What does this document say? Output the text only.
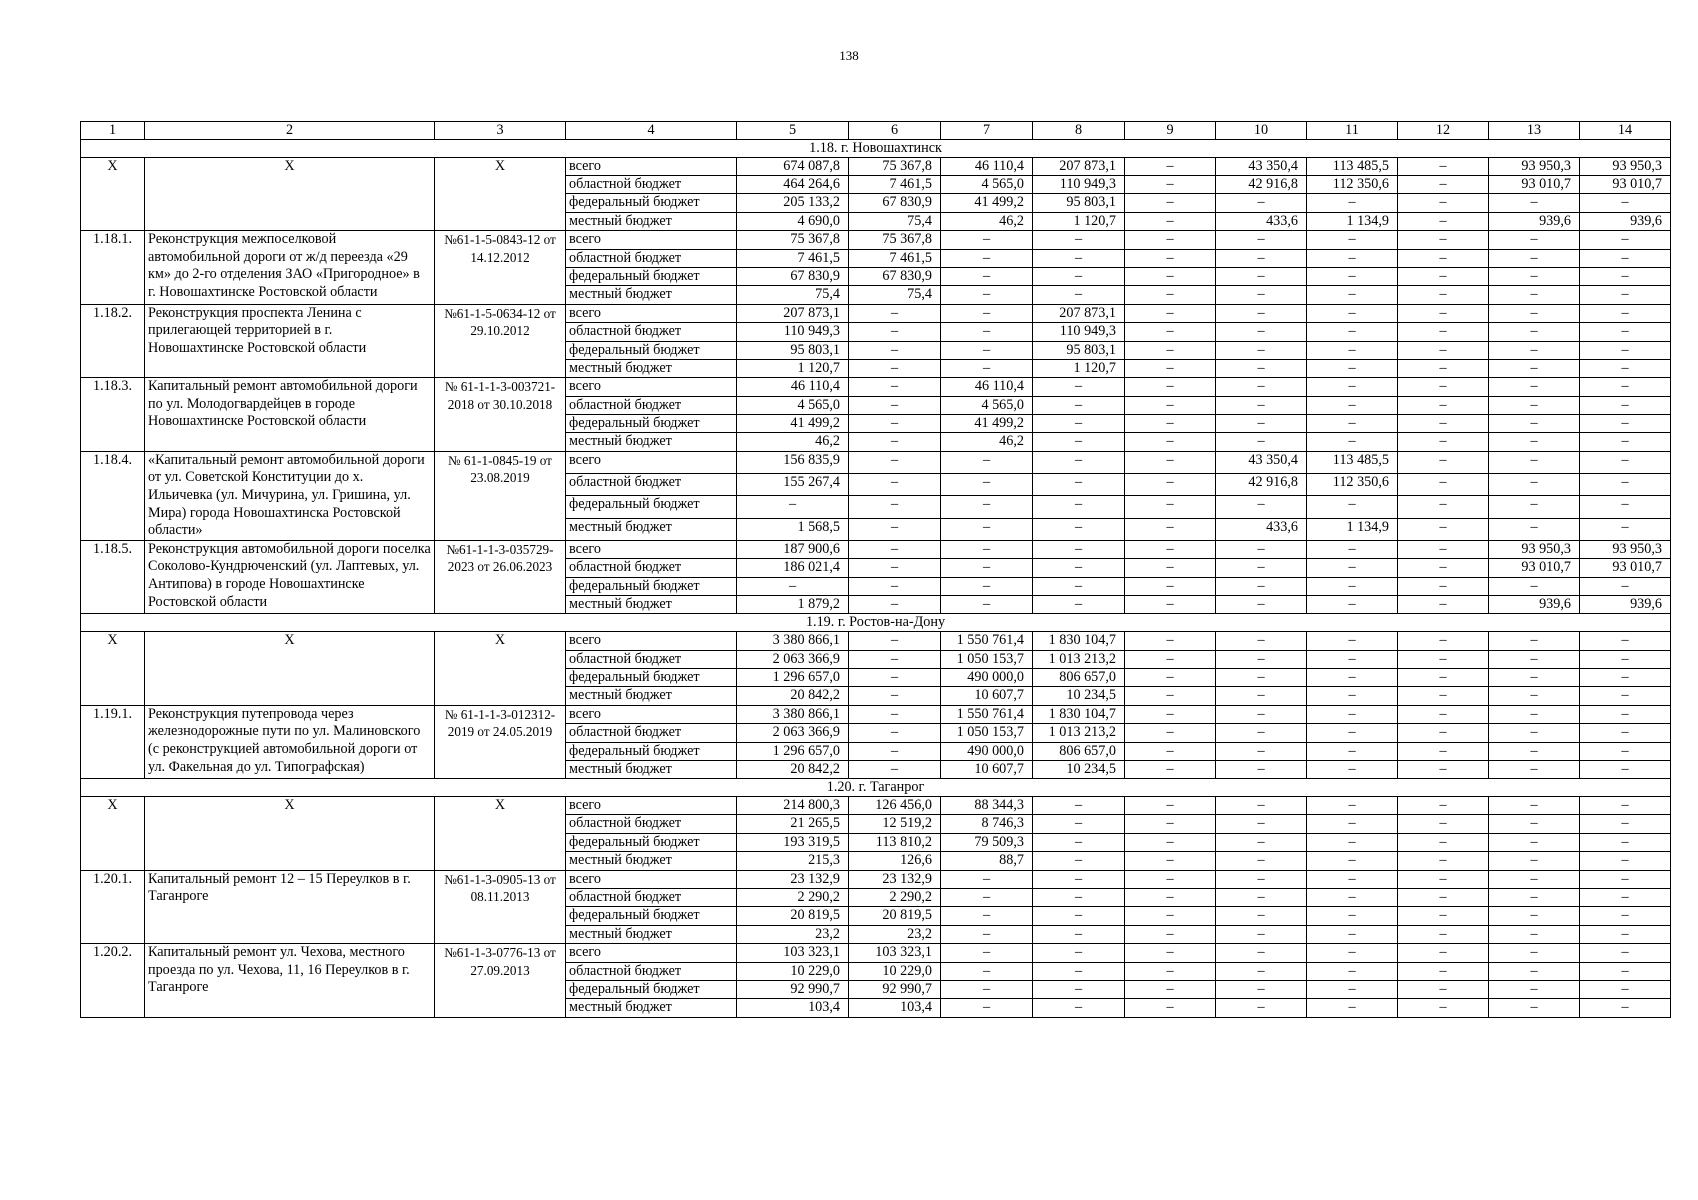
138
1	2	3	4	5	6	7	8	9	10	11	12	13	14
1.18. г. Новошахтинск													
X	X	X	всего	674 087,8	75 367,8	46 110,4	207 873,1	–	43 350,4	113 485,5	–	93 950,3	93 950,3
			областной бюджет	464 264,6	7 461,5	4 565,0	110 949,3	–	42 916,8	112 350,6	–	93 010,7	93 010,7
			федеральный бюджет	205 133,2	67 830,9	41 499,2	95 803,1	–	–	–	–	–	–
			местный бюджет	4 690,0	75,4	46,2	1 120,7	–	433,6	1 134,9	–	939,6	939,6
1.18.1.	Реконструкция межпоселковой автомобильной дороги от ж/д переезда «29 км» до 2-го отделения ЗАО «Пригородное» в г. Новошахтинске Ростовской области	№61-1-5-0843-12 от 14.12.2012	всего	75 367,8	75 367,8	–	–	–	–	–	–	–	–
			областной бюджет	7 461,5	7 461,5	–	–	–	–	–	–	–	–
			федеральный бюджет	67 830,9	67 830,9	–	–	–	–	–	–	–	–
			местный бюджет	75,4	75,4	–	–	–	–	–	–	–	–
1.18.2.	Реконструкция проспекта Ленина с прилегающей территорией в г. Новошахтинске Ростовской области	№61-1-5-0634-12 от 29.10.2012	всего	207 873,1	–	–	207 873,1	–	–	–	–	–	–
			областной бюджет	110 949,3	–	–	110 949,3	–	–	–	–	–	–
			федеральный бюджет	95 803,1	–	–	95 803,1	–	–	–	–	–	–
			местный бюджет	1 120,7	–	–	1 120,7	–	–	–	–	–	–
1.18.3.	Капитальный ремонт автомобильной дороги по ул. Молодогвардейцев в городе Новошахтинске Ростовской области	№ 61-1-1-3-003721-2018 от 30.10.2018	всего	46 110,4	–	46 110,4	–	–	–	–	–	–	–
			областной бюджет	4 565,0	–	4 565,0	–	–	–	–	–	–	–
			федеральный бюджет	41 499,2	–	41 499,2	–	–	–	–	–	–	–
			местный бюджет	46,2	–	46,2	–	–	–	–	–	–	–
1.18.4.	«Капитальный ремонт автомобильной дороги от ул. Советской Конституции до х. Ильичевка (ул. Мичурина, ул. Гришина, ул. Мира) города Новошахтинска Ростовской области»	№ 61-1-0845-19 от 23.08.2019	всего	156 835,9	–	–	–	–	43 350,4	113 485,5	–	–	–
			областной бюджет	155 267,4	–	–	–	–	42 916,8	112 350,6	–	–	–
			федеральный бюджет	–	–	–	–	–	–	–	–	–	–
			местный бюджет	1 568,5	–	–	–	–	433,6	1 134,9	–	–	–
1.18.5.	Реконструкция автомобильной дороги поселка Соколово-Кундрюченский (ул. Лаптевых, ул. Антипова) в городе Новошахтинске Ростовской области	№61-1-1-3-035729-2023 от 26.06.2023	всего	187 900,6	–	–	–	–	–	–	–	93 950,3	93 950,3
			областной бюджет	186 021,4	–	–	–	–	–	–	–	93 010,7	93 010,7
			федеральный бюджет	–	–	–	–	–	–	–	–	–	–
			местный бюджет	1 879,2	–	–	–	–	–	–	–	939,6	939,6
1.19. г. Ростов-на-Дону													
X	X	X	всего	3 380 866,1	–	1 550 761,4	1 830 104,7	–	–	–	–	–	–
			областной бюджет	2 063 366,9	–	1 050 153,7	1 013 213,2	–	–	–	–	–	–
			федеральный бюджет	1 296 657,0	–	490 000,0	806 657,0	–	–	–	–	–	–
			местный бюджет	20 842,2	–	10 607,7	10 234,5	–	–	–	–	–	–
1.19.1.	Реконструкция путепровода через железнодорожные пути по ул. Малиновского (с реконструкцией автомобильной дороги от ул. Факельная до ул. Типографская)	№ 61-1-1-3-012312-2019 от 24.05.2019	всего	3 380 866,1	–	1 550 761,4	1 830 104,7	–	–	–	–	–	–
			областной бюджет	2 063 366,9	–	1 050 153,7	1 013 213,2	–	–	–	–	–	–
			федеральный бюджет	1 296 657,0	–	490 000,0	806 657,0	–	–	–	–	–	–
			местный бюджет	20 842,2	–	10 607,7	10 234,5	–	–	–	–	–	–
1.20. г. Таганрог													
X	X	X	всего	214 800,3	126 456,0	88 344,3	–	–	–	–	–	–	–
			областной бюджет	21 265,5	12 519,2	8 746,3	–	–	–	–	–	–	–
			федеральный бюджет	193 319,5	113 810,2	79 509,3	–	–	–	–	–	–	–
			местный бюджет	215,3	126,6	88,7	–	–	–	–	–	–	–
1.20.1.	Капитальный ремонт 12 – 15 Переулков в г. Таганроге	№61-1-3-0905-13 от 08.11.2013	всего	23 132,9	23 132,9	–	–	–	–	–	–	–	–
			областной бюджет	2 290,2	2 290,2	–	–	–	–	–	–	–	–
			федеральный бюджет	20 819,5	20 819,5	–	–	–	–	–	–	–	–
			местный бюджет	23,2	23,2	–	–	–	–	–	–	–	–
1.20.2.	Капитальный ремонт ул. Чехова, местного проезда по ул. Чехова, 11, 16 Переулков в г. Таганроге	№61-1-3-0776-13 от 27.09.2013	всего	103 323,1	103 323,1	–	–	–	–	–	–	–	–
			областной бюджет	10 229,0	10 229,0	–	–	–	–	–	–	–	–
			федеральный бюджет	92 990,7	92 990,7	–	–	–	–	–	–	–	–
			местный бюджет	103,4	103,4	–	–	–	–	–	–	–	–
